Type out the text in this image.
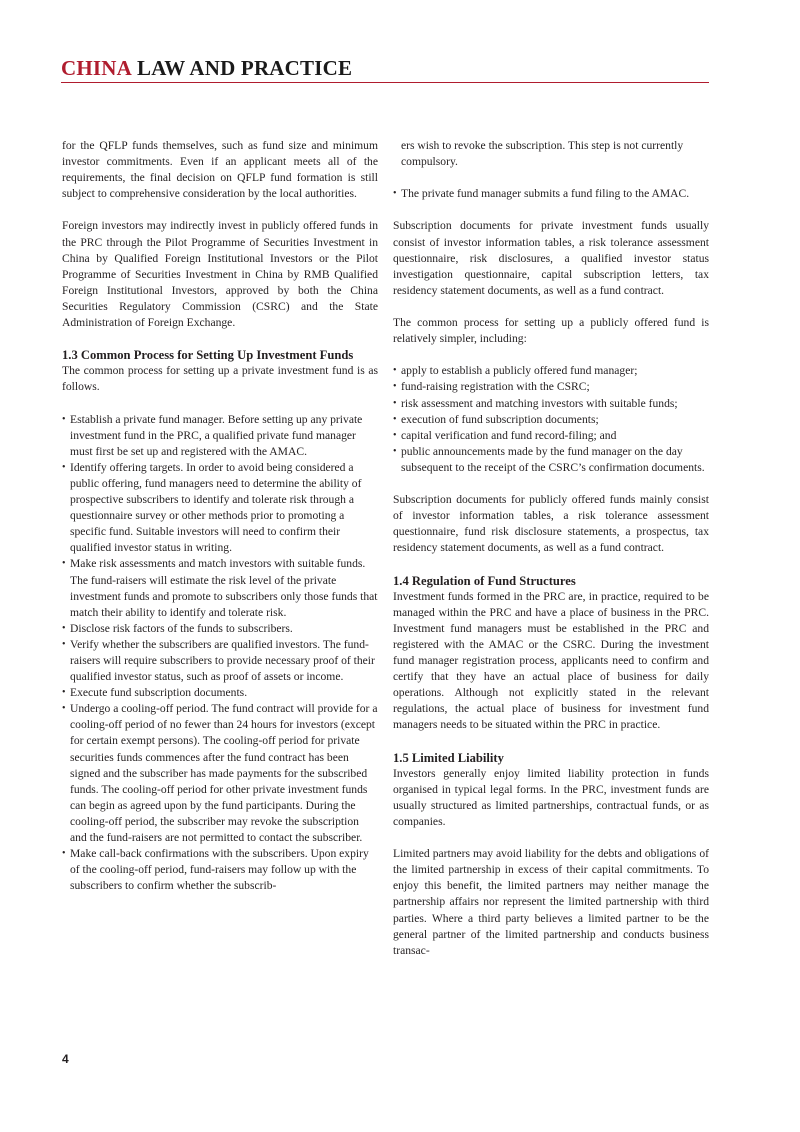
CHINA LAW AND PRACTICE

for the QFLP funds themselves, such as fund size and minimum investor commitments. Even if an applicant meets all of the requirements, the final decision on QFLP fund formation is still subject to comprehensive consideration by the local authorities.

Foreign investors may indirectly invest in publicly offered funds in the PRC through the Pilot Programme of Securities Investment in China by Qualified Foreign Institutional Investors or the Pilot Programme of Securities Investment in China by RMB Qualified Foreign Institutional Investors, approved by both the China Securities Regulatory Commission (CSRC) and the State Administration of Foreign Exchange.

1.3 Common Process for Setting Up Investment Funds

The common process for setting up a private investment fund is as follows.

• Establish a private fund manager. Before setting up any private investment fund in the PRC, a qualified private fund manager must first be set up and registered with the AMAC.
• Identify offering targets. In order to avoid being considered a public offering, fund managers need to determine the ability of prospective subscribers to identify and tolerate risk through a questionnaire survey or other methods prior to promoting a specific fund. Suitable investors will need to confirm their qualified investor status in writing.
• Make risk assessments and match investors with suitable funds. The fund-raisers will estimate the risk level of the private investment funds and promote to subscribers only those funds that match their ability to identify and tolerate risk.
• Disclose risk factors of the funds to subscribers.
• Verify whether the subscribers are qualified investors. The fund-raisers will require subscribers to provide necessary proof of their qualified investor status, such as proof of assets or income.
• Execute fund subscription documents.
• Undergo a cooling-off period. The fund contract will provide for a cooling-off period of no fewer than 24 hours for investors (except for certain exempt persons). The cooling-off period for private securities funds commences after the fund contract has been signed and the subscriber has made payments for the subscribed funds. The cooling-off period for other private investment funds can begin as agreed upon by the fund participants. During the cooling-off period, the subscriber may revoke the subscription and the fund-raisers are not permitted to contact the subscriber.
• Make call-back confirmations with the subscribers. Upon expiry of the cooling-off period, fund-raisers may follow up with the subscribers to confirm whether the subscrib-

ers wish to revoke the subscription. This step is not currently compulsory.

• The private fund manager submits a fund filing to the AMAC.

Subscription documents for private investment funds usually consist of investor information tables, a risk tolerance assessment questionnaire, risk disclosures, a qualified investor status investigation questionnaire, capital subscription letters, tax residency statement documents, as well as a fund contract.

The common process for setting up a publicly offered fund is relatively simpler, including:

• apply to establish a publicly offered fund manager;
• fund-raising registration with the CSRC;
• risk assessment and matching investors with suitable funds;
• execution of fund subscription documents;
• capital verification and fund record-filing; and
• public announcements made by the fund manager on the day subsequent to the receipt of the CSRC’s confirmation documents.

Subscription documents for publicly offered funds mainly consist of investor information tables, a risk tolerance assessment questionnaire, fund risk disclosure statements, a prospectus, tax residency statement documents, as well as a fund contract.

1.4 Regulation of Fund Structures

Investment funds formed in the PRC are, in practice, required to be managed within the PRC and have a place of business in the PRC. Investment fund managers must be established in the PRC and registered with the AMAC or the CSRC. During the investment fund manager registration process, applicants need to confirm and certify that they have an actual place of business for daily operations. Although not explicitly stated in the relevant regulations, the actual place of business for investment fund managers needs to be situated within the PRC in practice.

1.5 Limited Liability

Investors generally enjoy limited liability protection in funds organised in typical legal forms. In the PRC, investment funds are usually structured as limited partnerships, contractual funds, or as companies.

Limited partners may avoid liability for the debts and obligations of the limited partnership in excess of their capital commitments. To enjoy this benefit, the limited partners may neither manage the partnership affairs nor represent the limited partnership with third parties. Where a third party believes a limited partner to be the general partner of the limited partnership and conducts business transac-

4
